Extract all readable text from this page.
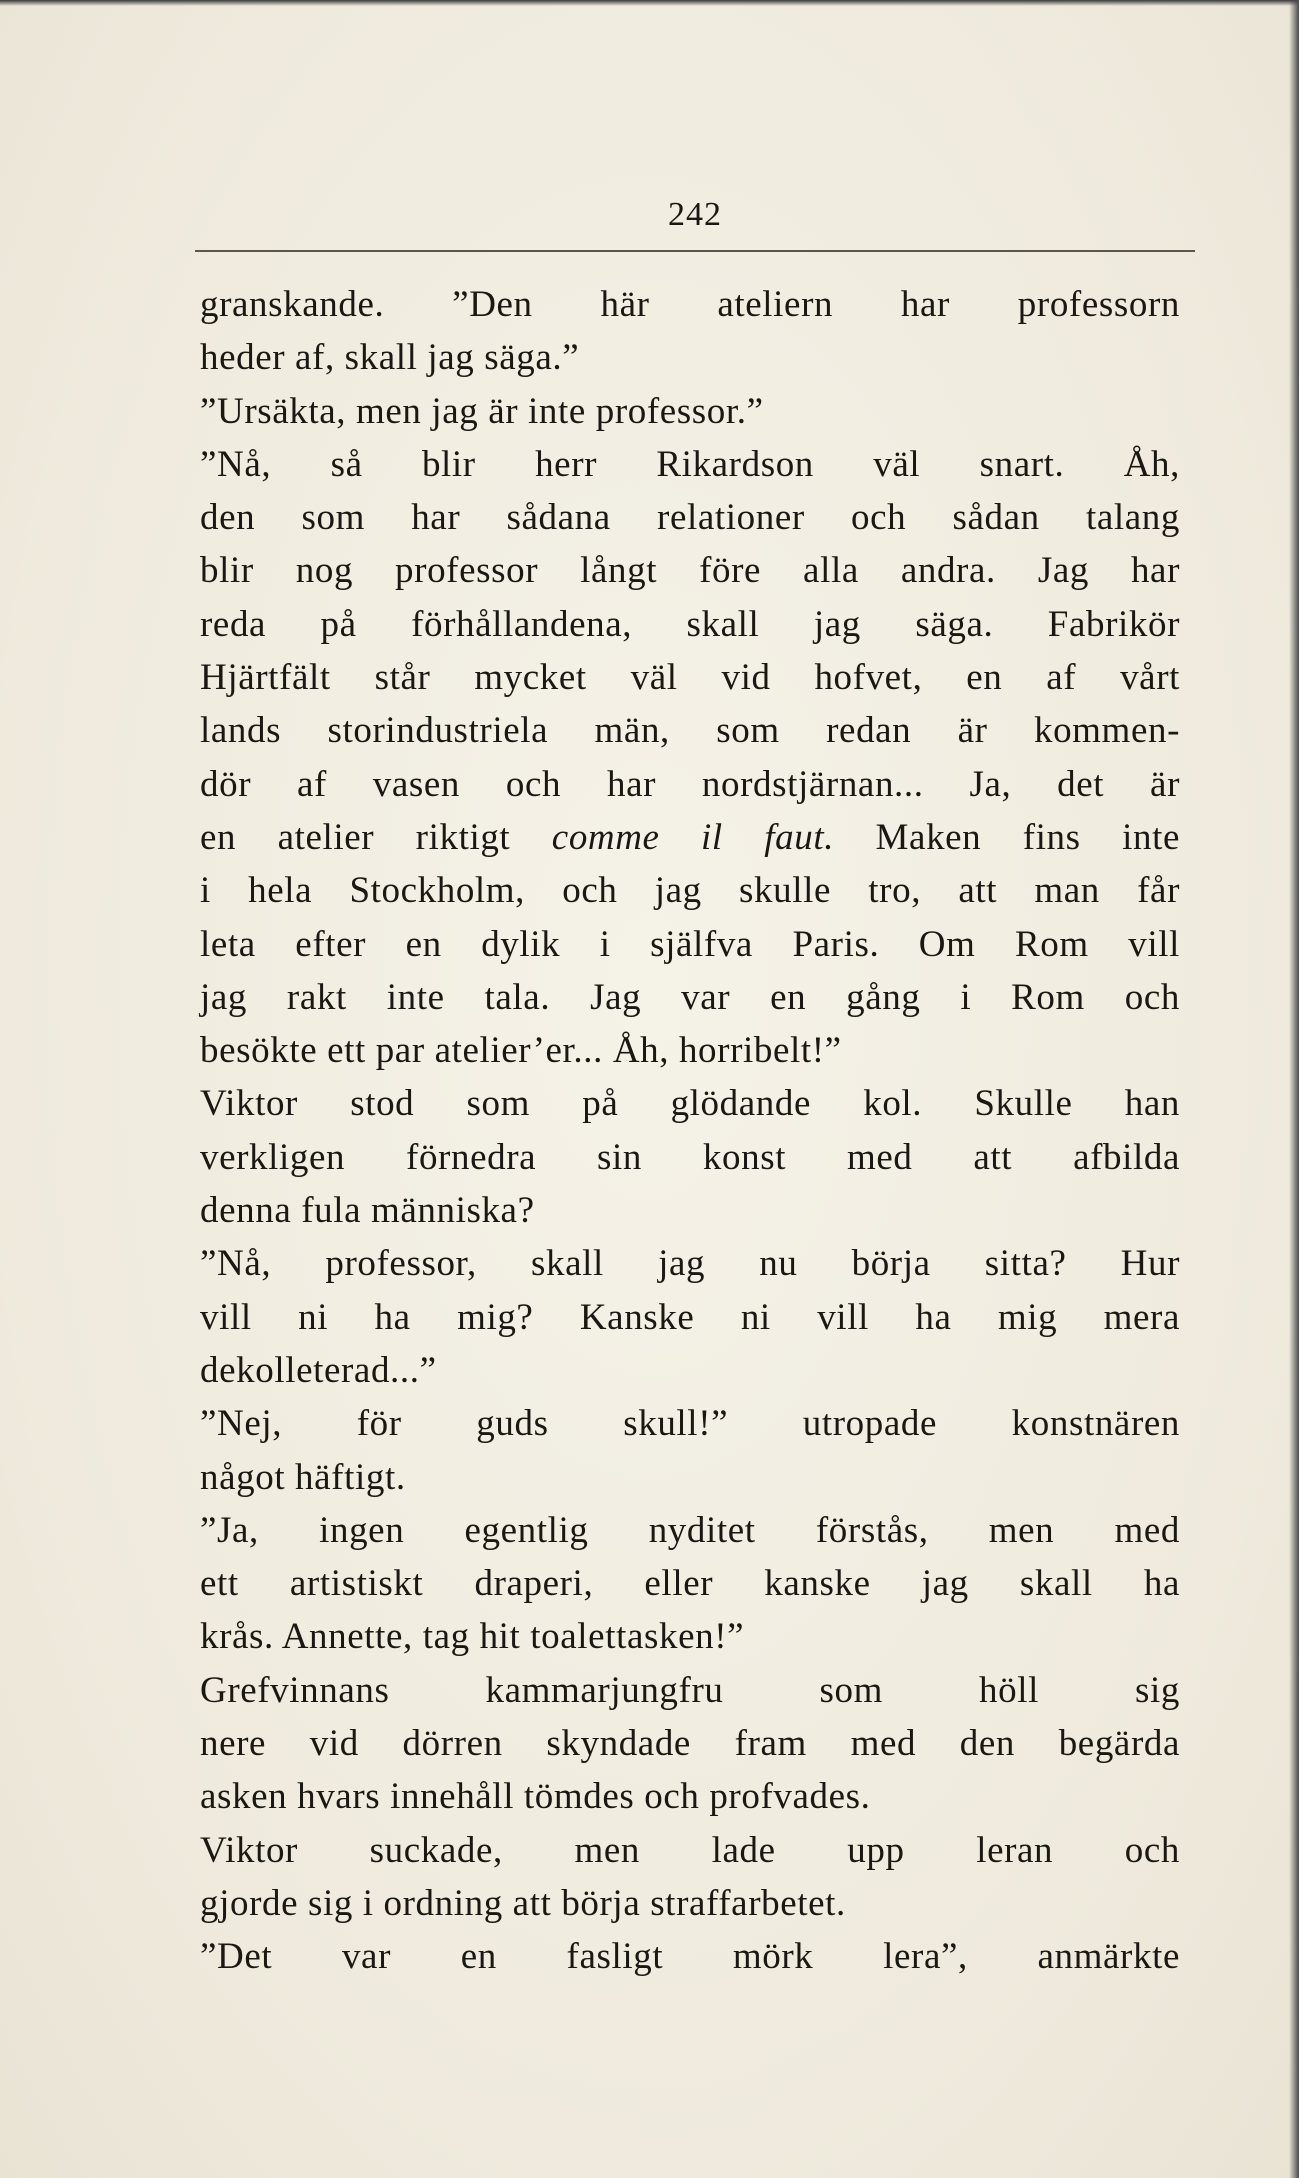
242
granskande. ”Den här ateliern har professorn
heder af, skall jag säga.”
”Ursäkta, men jag är inte professor.”
”Nå, så blir herr Rikardson väl snart. Åh,
den som har sådana relationer och sådan talang
blir nog professor långt före alla andra. Jag har
reda på förhållandena, skall jag säga. Fabrikör
Hjärtfält står mycket väl vid hofvet, en af vårt
lands storindustriela män, som redan är kommen-
dör af vasen och har nordstjärnan... Ja, det är
en atelier riktigt comme il faut. Maken fins inte
i hela Stockholm, och jag skulle tro, att man får
leta efter en dylik i själfva Paris. Om Rom vill
jag rakt inte tala. Jag var en gång i Rom och
besökte ett par atelier’er... Åh, horribelt!”
Viktor stod som på glödande kol. Skulle han
verkligen förnedra sin konst med att afbilda
denna fula människa?
”Nå, professor, skall jag nu börja sitta? Hur
vill ni ha mig? Kanske ni vill ha mig mera
dekolleterad...”
”Nej, för guds skull!” utropade konstnären
något häftigt.
”Ja, ingen egentlig nyditet förstås, men med
ett artistiskt draperi, eller kanske jag skall ha
krås. Annette, tag hit toalettasken!”
Grefvinnans kammarjungfru som höll sig
nere vid dörren skyndade fram med den begärda
asken hvars innehåll tömdes och profvades.
Viktor suckade, men lade upp leran och
gjorde sig i ordning att börja straffarbetet.
”Det var en fasligt mörk lera”, anmärkte
